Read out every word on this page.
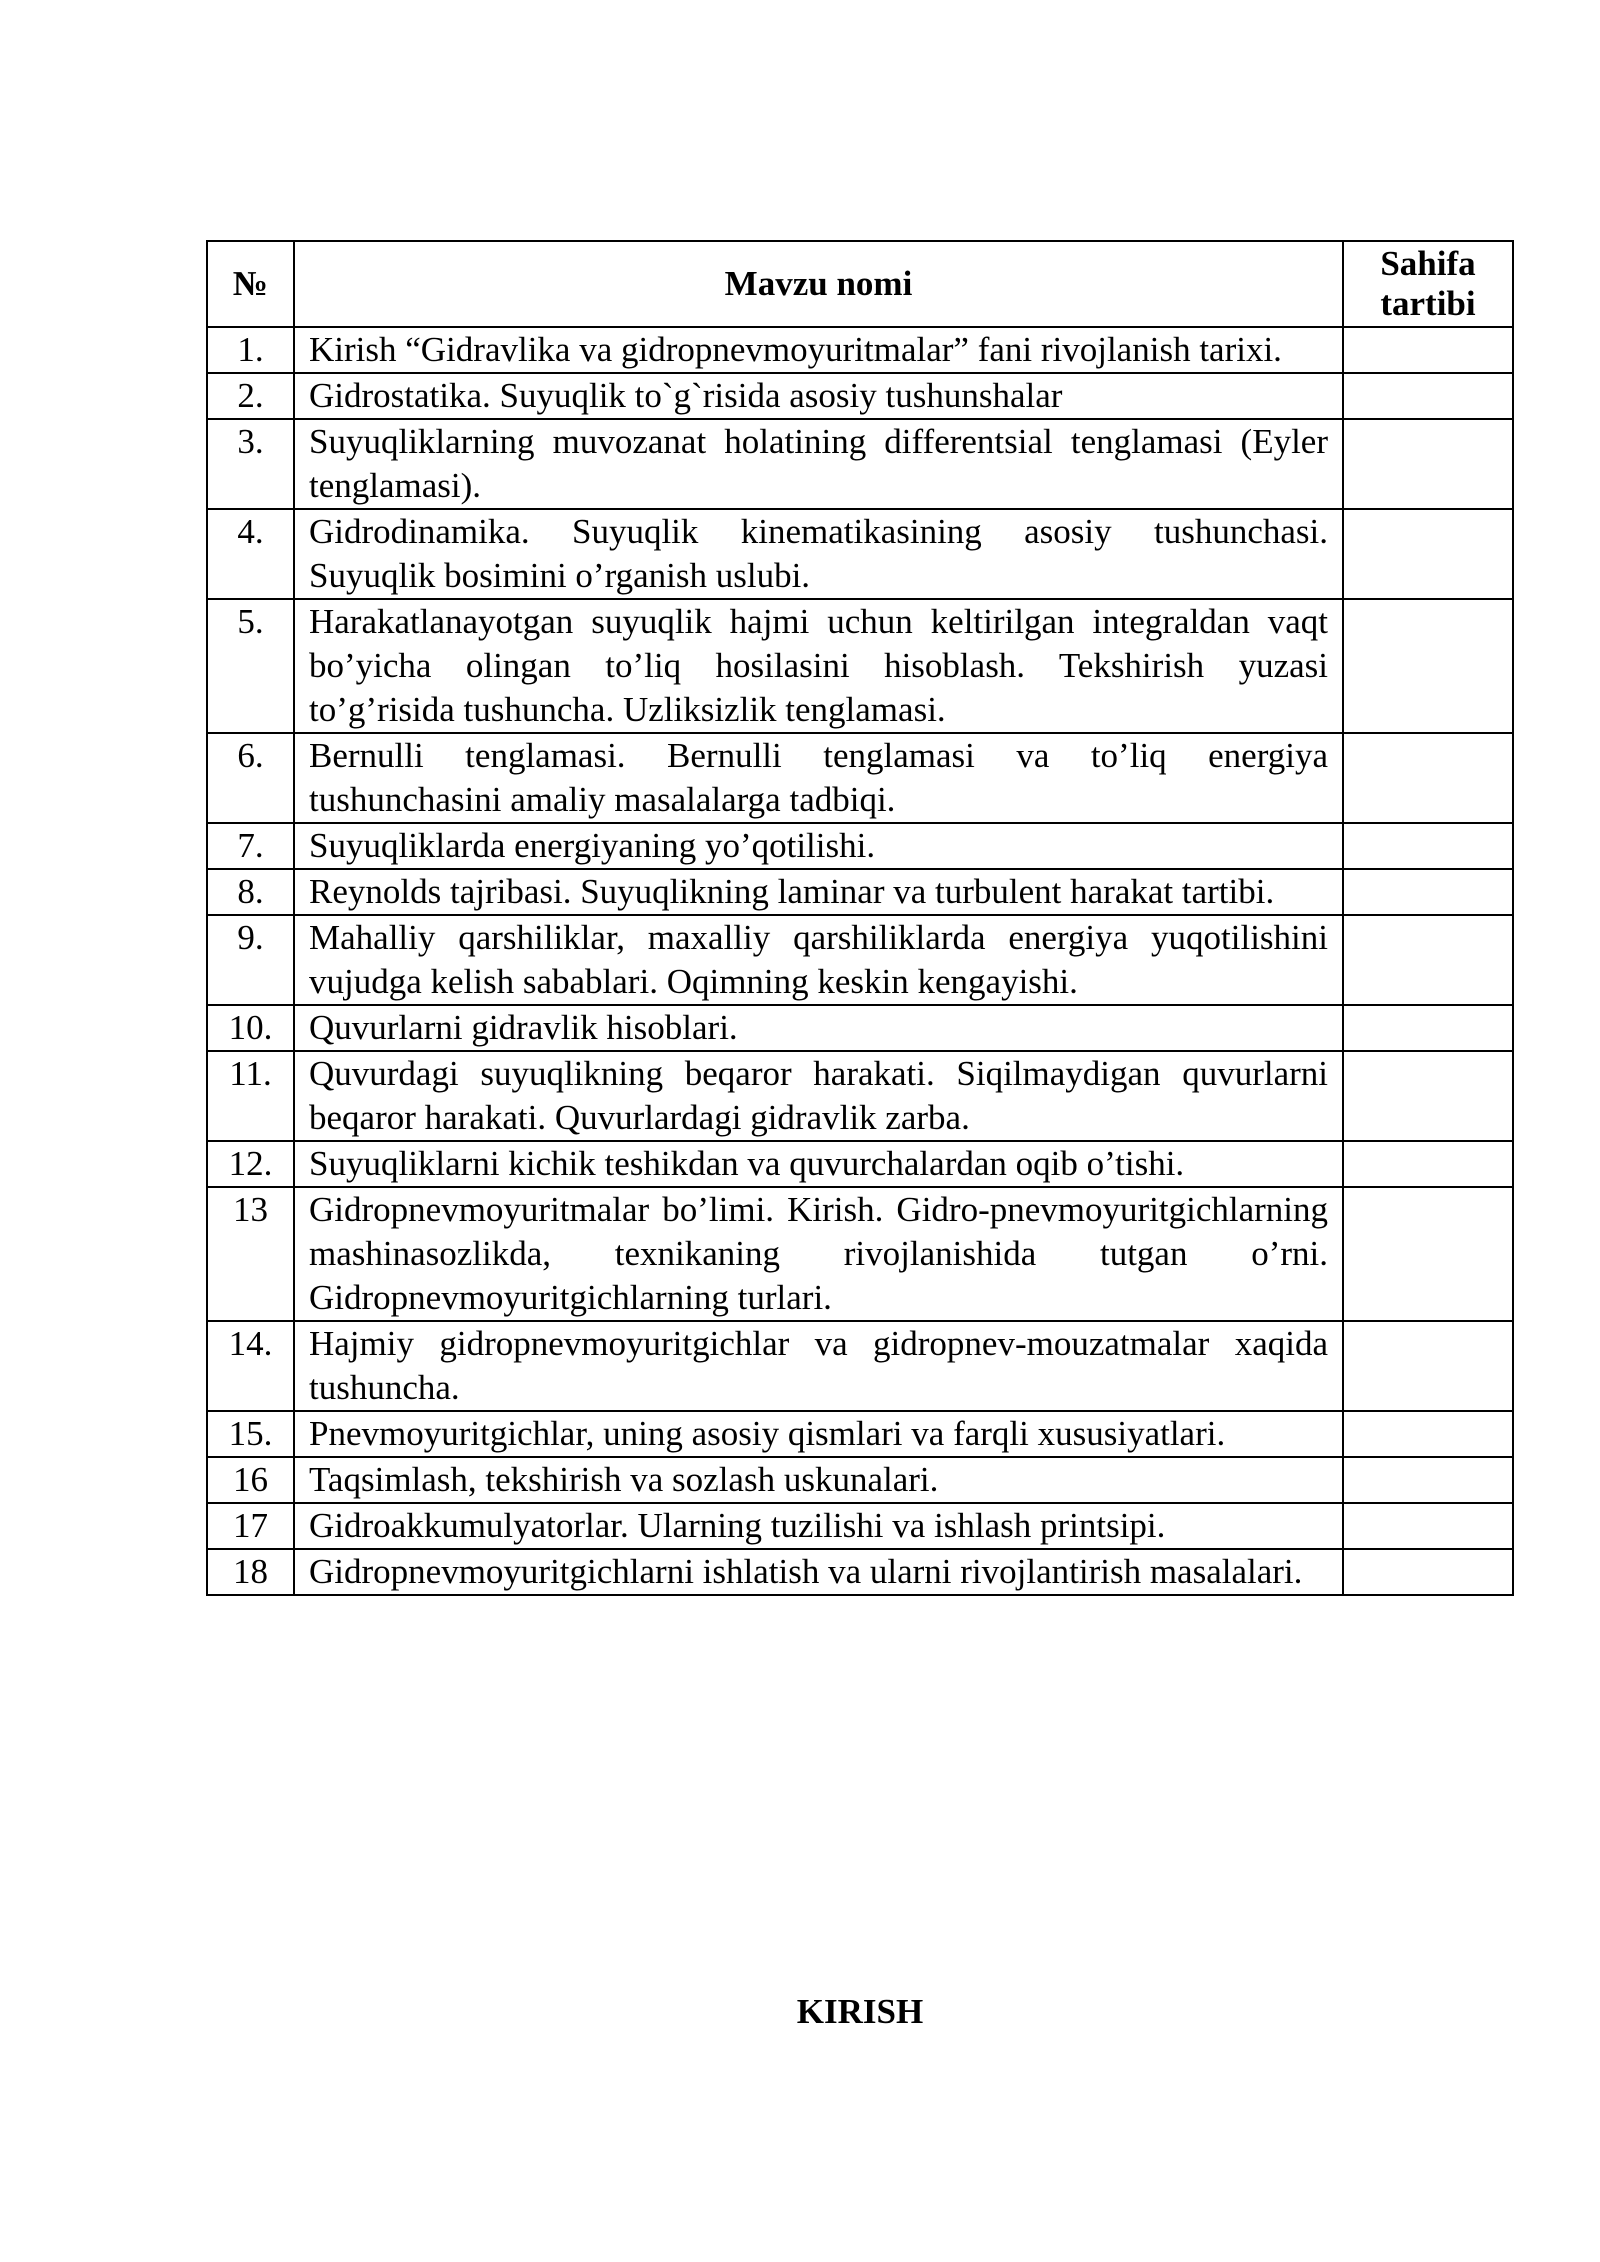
№	Mavzu nomi	Sahifa tartibi
1.	Kirish “Gidravlika va gidropnevmoyuritmalar” fani rivojlanish tarixi.	
2.	Gidrostatika. Suyuqlik to`g`risida asosiy tushunshalar	
3.	Suyuqliklarning muvozanat holatining differentsial tenglamasi (Eyler tenglamasi).	
4.	Gidrodinamika. Suyuqlik kinematikasining asosiy tushunchasi. Suyuqlik bosimini o’rganish uslubi.	
5.	Harakatlanayotgan suyuqlik hajmi uchun keltirilgan integraldan vaqt bo’yicha olingan to’liq hosilasini hisoblash. Tekshirish yuzasi to’g’risida tushuncha. Uzliksizlik tenglamasi.	
6.	Bernulli tenglamasi. Bernulli tenglamasi va to’liq energiya tushunchasini amaliy masalalarga tadbiqi.	
7.	Suyuqliklarda energiyaning yo’qotilishi.	
8.	Reynolds tajribasi. Suyuqlikning laminar va turbulent harakat tartibi.	
9.	Mahalliy qarshiliklar, maxalliy qarshiliklarda energiya yuqotilishini vujudga kelish sabablari. Oqimning keskin kengayishi.	
10.	Quvurlarni gidravlik hisoblari.	
11.	Quvurdagi suyuqlikning beqaror harakati. Siqilmaydigan quvurlarni beqaror harakati. Quvurlardagi gidravlik zarba.	
12.	Suyuqliklarni kichik teshikdan va quvurchalardan oqib o’tishi.	
13	Gidropnevmoyuritmalar bo’limi. Kirish. Gidro-pnevmoyuritgichlarning mashinasozlikda, texnikaning rivojlanishida tutgan o’rni. Gidropnevmoyuritgichlarning turlari.	
14.	Hajmiy gidropnevmoyuritgichlar va gidropnev-mouzatmalar xaqida tushuncha.	
15.	Pnevmoyuritgichlar, uning asosiy qismlari va farqli xususiyatlari.	
16	Taqsimlash, tekshirish va sozlash uskunalari.	
17	Gidroakkumulyatorlar. Ularning tuzilishi va ishlash printsipi.	
18	Gidropnevmoyuritgichlarni ishlatish va ularni rivojlantirish masalalari.	
KIRISH
